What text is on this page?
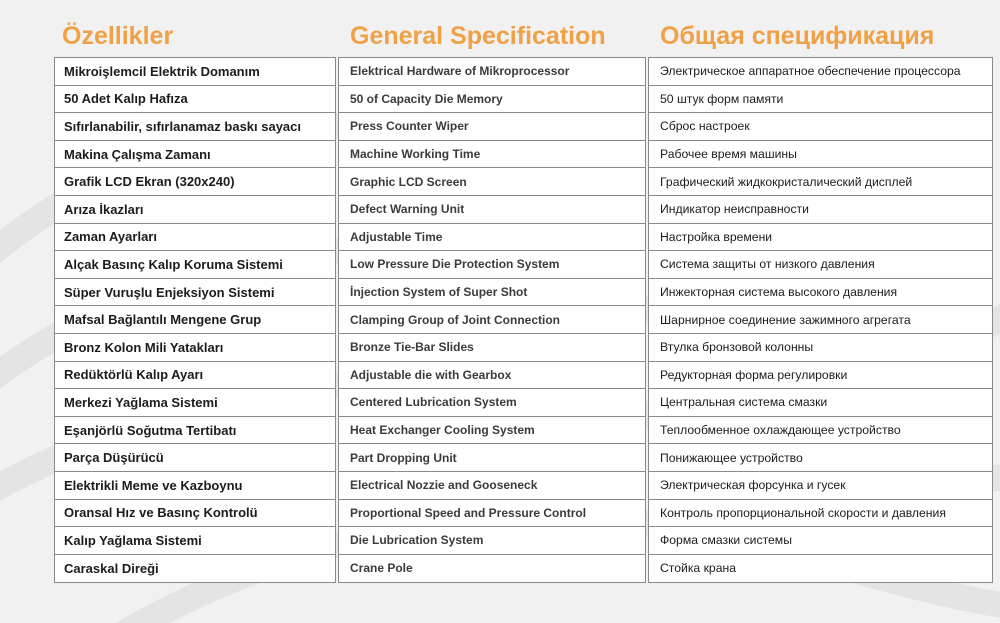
Özellikler	General Specification Общая спецификация
Mikroişlemcil Elektrik Domanım
50 Adet Kalıp Hafıza
Sıfırlanabilir, sıfırlanamaz baskı sayacı
Makina Çalışma Zamanı
Grafik LCD Ekran (320x240)
Arıza İkazları
Zaman Ayarları
Alçak Basınç Kalıp Koruma Sistemi
Süper Vuruşlu Enjeksiyon Sistemi
Mafsal Bağlantılı Mengene Grup
Bronz Kolon Mili Yatakları
Redüktörlü Kalıp Ayarı
Merkezi Yağlama Sistemi
Eşanjörlü Soğutma Tertibatı
Parça Düşürücü
Elektrikli Meme ve Kazboynu
Oransal Hız ve Basınç Kontrolü
Kalıp Yağlama Sistemi
Caraskal Direği
Elektrical Hardware of Mikroprocessor
50 of Capacity Die Memory
Press Counter Wiper
Machine Working Time
Graphic LCD Screen
Defect Warning Unit
Adjustable Time
Low Pressure Die Protection System
İnjection System of Super Shot
Clamping Group of Joint Connection
Bronze Tie-Bar Slides
Adjustable die with Gearbox
Centered Lubrication System
Heat Exchanger Cooling System
Part Dropping Unit
Electrical Nozzie and Gooseneck
Proportional Speed and Pressure Control
Die Lubrication System
Crane Pole
Электрическое аппаратное обеспечение процессора
50 штук форм памяти
Сброс настроек
Рабочее время машины
Графический жидкокристалический дисплей
Индикатор неисправности
Настройка времени
Система защиты от низкого давления
Инжекторная система высокого давления
Шарнирное соединение зажимного агрегата
Втулка бронзовой колонны
Редукторная форма регулировки
Центральная система смазки
Теплообменное охлаждающее устройство
Понижающее устройство
Электрическая форсунка и гусек
Контроль пропорциональной скорости и давления
Форма смазки системы
Стойка крана
